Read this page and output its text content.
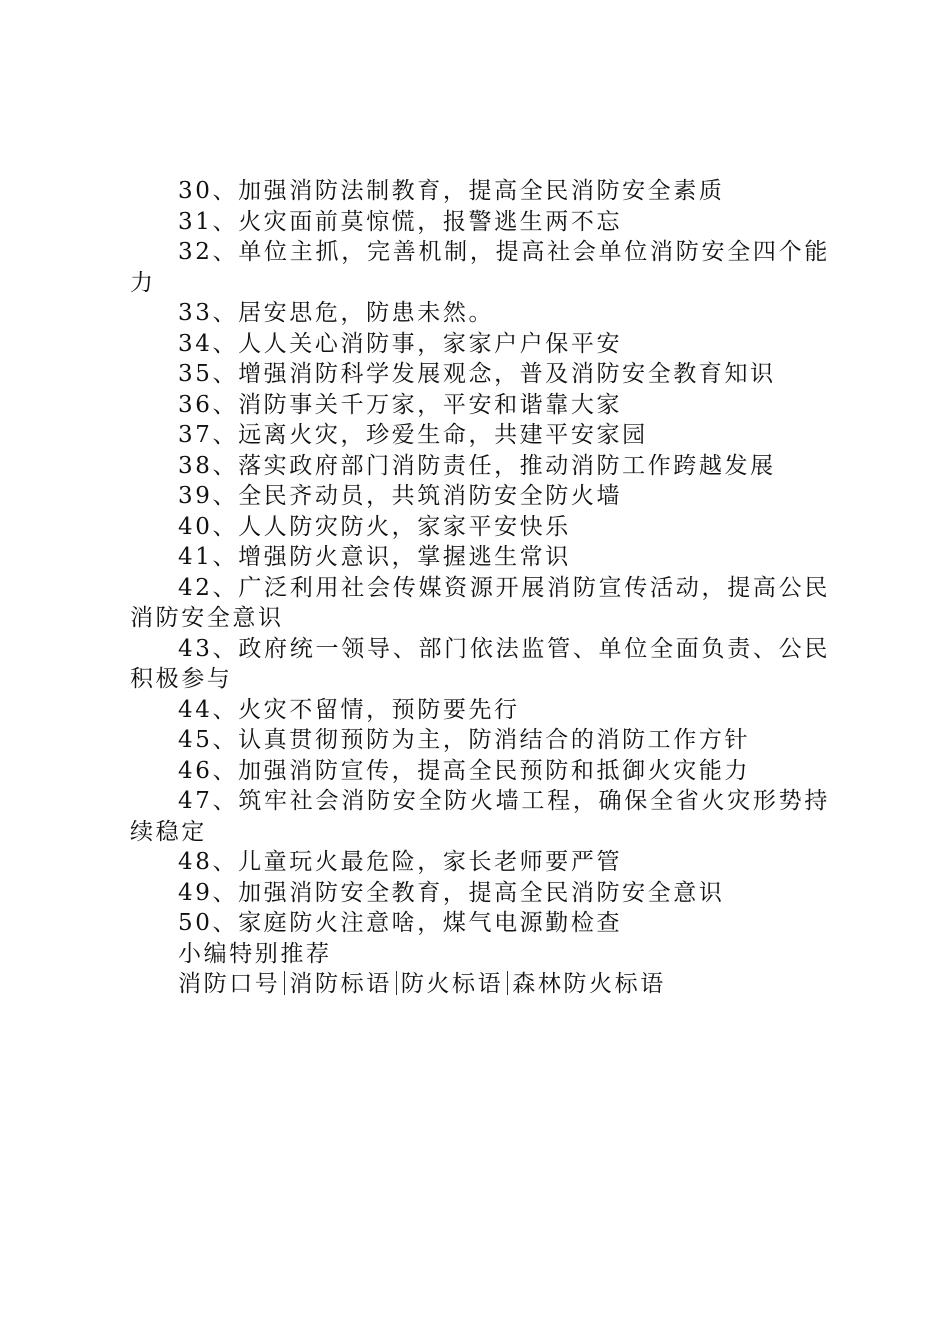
30、加强消防法制教育，提高全民消防安全素质

31、火灾面前莫惊慌，报警逃生两不忘

32、单位主抓，完善机制，提高社会单位消防安全四个能力

33、居安思危，防患未然。

34、人人关心消防事，家家户户保平安

35、增强消防科学发展观念，普及消防安全教育知识

36、消防事关千万家，平安和谐靠大家

37、远离火灾，珍爱生命，共建平安家园

38、落实政府部门消防责任，推动消防工作跨越发展

39、全民齐动员，共筑消防安全防火墙

40、人人防灾防火，家家平安快乐

41、增强防火意识，掌握逃生常识

42、广泛利用社会传媒资源开展消防宣传活动，提高公民消防安全意识

43、政府统一领导、部门依法监管、单位全面负责、公民积极参与

44、火灾不留情，预防要先行

45、认真贯彻预防为主，防消结合的消防工作方针

46、加强消防宣传，提高全民预防和抵御火灾能力

47、筑牢社会消防安全防火墙工程，确保全省火灾形势持续稳定

48、儿童玩火最危险，家长老师要严管

49、加强消防安全教育，提高全民消防安全意识

50、家庭防火注意啥，煤气电源勤检查

小编特别推荐

消防口号 消防标语 防火标语 森林防火标语
